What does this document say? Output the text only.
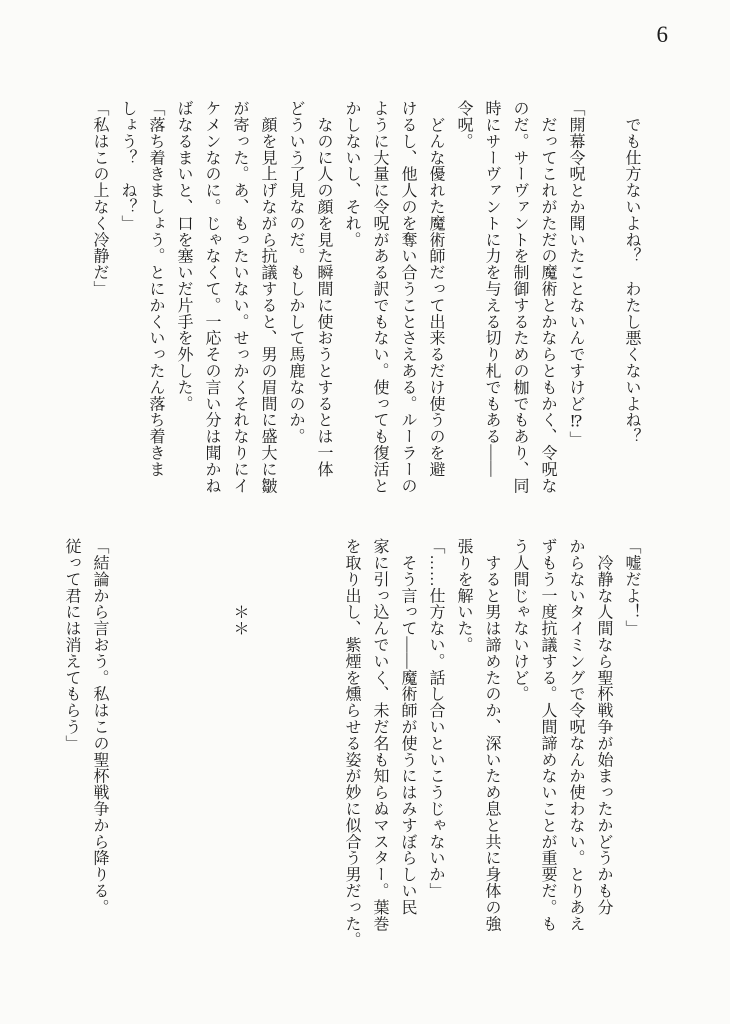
6

　でも仕方ないよね？　わたし悪くないよね？

「開幕令呪とか聞いたことないんですけど⁉」

　だってこれがただの魔術とかならともかく、令呪な

のだ。サーヴァントを制御するための枷でもあり、同

時にサーヴァントに力を与える切り札でもある――

令呪。

　どんな優れた魔術師だって出来るだけ使うのを避

けるし、他人のを奪い合うことさえある。ルーラーの

ように大量に令呪がある訳でもない。使っても復活と

かしないし、それ。

　なのに人の顔を見た瞬間に使おうとするとは一体

どういう了見なのだ。もしかして馬鹿なのか。

　顔を見上げながら抗議すると、男の眉間に盛大に皺

が寄った。あ、もったいない。せっかくそれなりにイ

ケメンなのに。じゃなくて。一応その言い分は聞かね

ばなるまいと、口を塞いだ片手を外した。

「落ち着きましょう。とにかくいったん落ち着きま

しょう？　ね？」

「私はこの上なく冷静だ」

「嘘だよ！」

　冷静な人間なら聖杯戦争が始まったかどうかも分

からないタイミングで令呪なんか使わない。とりあえ

ずもう一度抗議する。人間諦めないことが重要だ。も

う人間じゃないけど。

　すると男は諦めたのか、深いため息と共に身体の強

張りを解いた。

「……仕方ない。話し合いといこうじゃないか」

　そう言って――魔術師が使うにはみすぼらしい民

家に引っ込んでいく、未だ名も知らぬマスター。葉巻

を取り出し、紫煙を燻らせる姿が妙に似合う男だった。

　　　　＊＊

「結論から言おう。私はこの聖杯戦争から降りる。

従って君には消えてもらう」
